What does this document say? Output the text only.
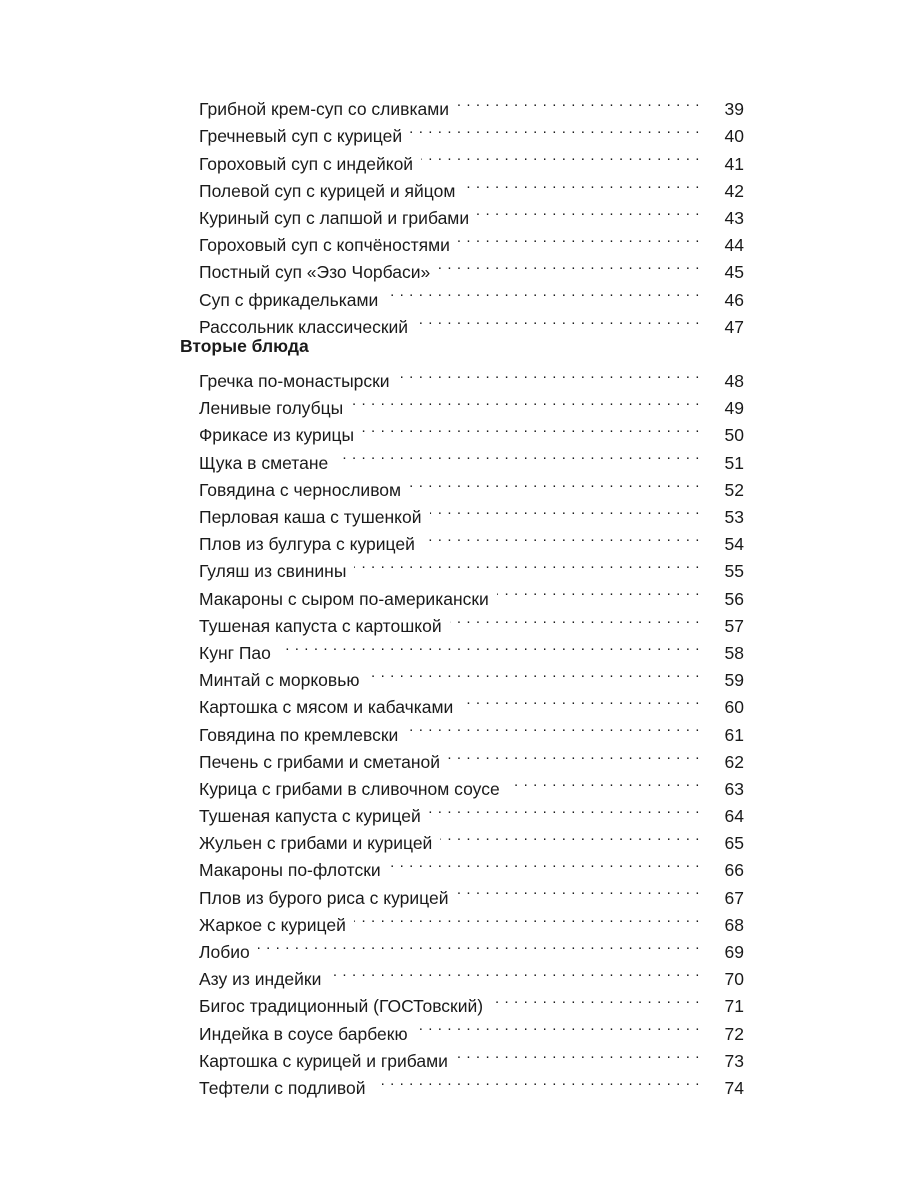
Грибной крем-суп со сливками . . .	39
Гречневый суп с курицей . . .	40
Гороховый суп с индейкой . . .	41
Полевой суп с курицей и яйцом . . .	42
Куриный суп с лапшой и грибами . . .	43
Гороховый суп с копчёностями . . .	44
Постный суп «Эзо Чорбаси» . . .	45
Суп с фрикадельками . . .	46
Рассольник классический . . .	47
Вторые блюда
Гречка по-монастырски . . .	48
Ленивые голубцы . . .	49
Фрикасе из курицы . . .	50
Щука в сметане . . .	51
Говядина с черносливом . . .	52
Перловая каша с тушенкой . . .	53
Плов из булгура с курицей . . .	54
Гуляш из свинины . . .	55
Макароны с сыром по-американски . . .	56
Тушеная капуста с картошкой . . .	57
Кунг Пао . . .	58
Минтай с морковью . . .	59
Картошка с мясом и кабачками . . .	60
Говядина по кремлевски . . .	61
Печень с грибами и сметаной . . .	62
Курица с грибами в сливочном соусе . . .	63
Тушеная капуста с курицей . . .	64
Жульен с грибами и курицей . . .	65
Макароны по-флотски . . .	66
Плов из бурого риса с курицей . . .	67
Жаркое с курицей . . .	68
Лобио . . .	69
Азу из индейки . . .	70
Бигос традиционный (ГОСТовский) . . .	71
Индейка в соусе барбекю . . .	72
Картошка с курицей и грибами . . .	73
Тефтели с подливой . . .	74
